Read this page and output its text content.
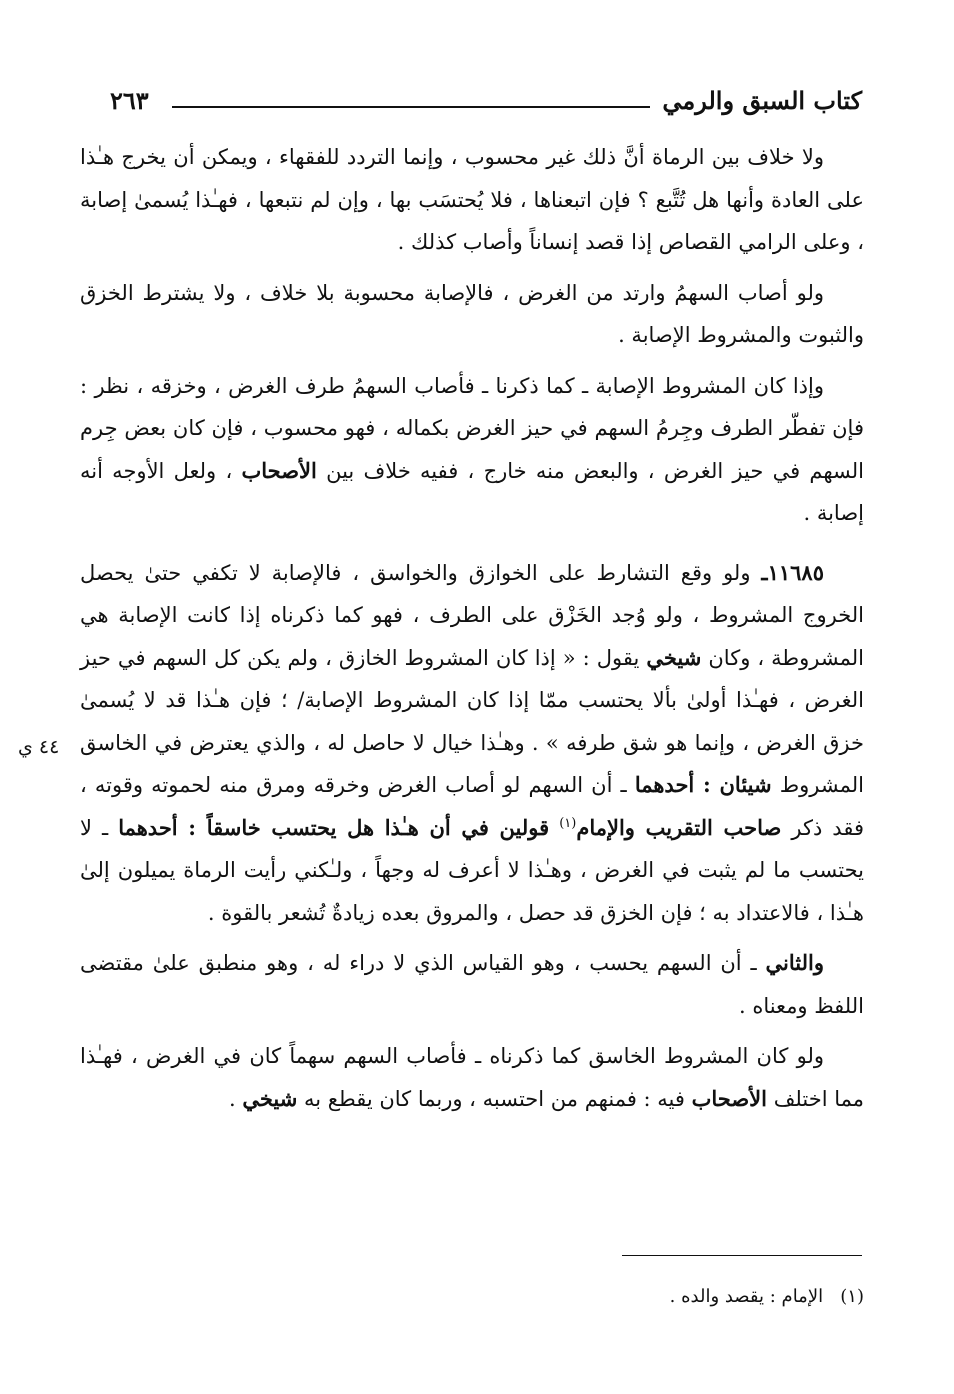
كتاب السبق والرمي
٢٦٣
٤٤ ي

ولا خلاف بين الرماة أنَّ ذلك غير محسوب ، وإنما التردد للفقهاء ، ويمكن أن يخرج هـٰذا على العادة وأنها هل تُتَّبع ؟ فإن اتبعناها ، فلا يُحتسَب بها ، وإن لم نتبعها ، فهـٰذا يُسمىٰ إصابة ، وعلى الرامي القصاص إذا قصد إنساناً وأصاب كذلك .

ولو أصاب السهمُ وارتد من الغرض ، فالإصابة محسوبة بلا خلاف ، ولا يشترط الخزق والثبوت والمشروط الإصابة .

وإذا كان المشروط الإصابة ـ كما ذكرنا ـ فأصاب السهمُ طرف الغرض ، وخزقه ، نظر : فإن تفطّر الطرف وجِرمُ السهم في حيز الغرض بكماله ، فهو محسوب ، فإن كان بعض جِرم السهم في حيز الغرض ، والبعض منه خارج ، ففيه خلاف بين الأصحاب ، ولعل الأوجه أنه إصابة .

١١٦٨٥ـ ولو وقع التشارط على الخوازق والخواسق ، فالإصابة لا تكفي حتىٰ يحصل الخروج المشروط ، ولو وُجد الخَزْق على الطرف ، فهو كما ذكرناه إذا كانت الإصابة هي المشروطة ، وكان شيخي يقول : « إذا كان المشروط الخازق ، ولم يكن كل السهم في حيز الغرض ، فهـٰذا أولىٰ بألا يحتسب ممّا إذا كان المشروط الإصابة/ ؛ فإن هـٰذا قد لا يُسمىٰ خزق الغرض ، وإنما هو شق طرفه » . وهـٰذا خيال لا حاصل له ، والذي يعترض في الخاسق المشروط شيئان : أحدهما ـ أن السهم لو أصاب الغرض وخرقه ومرق منه لحموته وقوته ، فقد ذكر صاحب التقريب والإمام$^{(١)}$ قولين في أن هـٰذا هل يحتسب خاسقاً : أحدهما ـ لا يحتسب ما لم يثبت في الغرض ، وهـٰذا لا أعرف له وجهاً ، ولـٰكني رأيت الرماة يميلون إلىٰ هـٰذا ، فالاعتداد به ؛ فإن الخزق قد حصل ، والمروق بعده زيادةٌ تُشعر بالقوة .

والثاني ـ أن السهم يحسب ، وهو القياس الذي لا دراء له ، وهو منطبق علىٰ مقتضى اللفظ ومعناه .

ولو كان المشروط الخاسق كما ذكرناه ـ فأصاب السهم سهماً كان في الغرض ، فهـٰذا مما اختلف الأصحاب فيه : فمنهم من احتسبه ، وربما كان يقطع به شيخي .

(١)   الإمام : يقصد والده .
